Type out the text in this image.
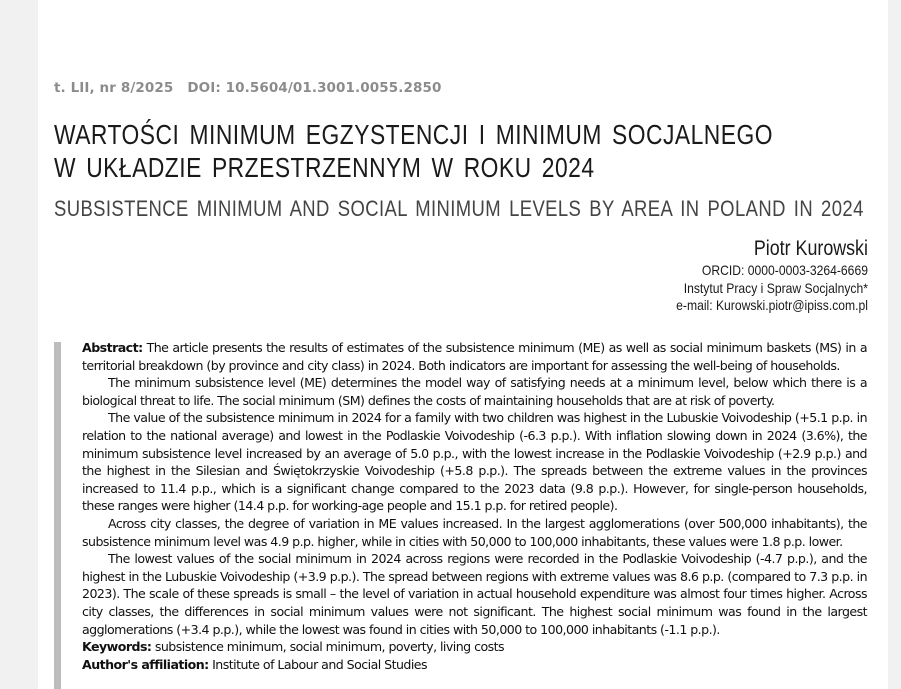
t. LII, nr 8/2025 DOI: 10.5604/01.3001.0055.2850
WARTOŚCI MINIMUM EGZYSTENCJI I MINIMUM SOCJALNEGO
W UKŁADZIE PRZESTRZENNYM W ROKU 2024
SUBSISTENCE MINIMUM AND SOCIAL MINIMUM LEVELS BY AREA IN POLAND IN 2024
Piotr Kurowski
ORCID: 0000-0003-3264-6669
Instytut Pracy i Spraw Socjalnych*
e-mail: Kurowski.piotr@ipiss.com.pl

Abstract: The article presents the results of estimates of the subsistence minimum (ME) as well as social minimum baskets (MS) in a territorial breakdown (by province and city class) in 2024. Both indicators are important for assessing the well-being of households.

The minimum subsistence level (ME) determines the model way of satisfying needs at a minimum level, below which there is a biological threat to life. The social minimum (SM) defines the costs of maintaining households that are at risk of poverty.

The value of the subsistence minimum in 2024 for a family with two children was highest in the Lubuskie Voivodeship (+5.1 p.p. in relation to the national average) and lowest in the Podlaskie Voivodeship (-6.3 p.p.). With inflation slowing down in 2024 (3.6%), the minimum subsistence level increased by an average of 5.0 p.p., with the lowest increase in the Podlaskie Voivodeship (+2.9 p.p.) and the highest in the Silesian and Świętokrzyskie Voivodeship (+5.8 p.p.). The spreads between the extreme values in the provinces increased to 11.4 p.p., which is a significant change compared to the 2023 data (9.8 p.p.). However, for single-person households, these ranges were higher (14.4 p.p. for working-age people and 15.1 p.p. for retired people).

Across city classes, the degree of variation in ME values increased. In the largest agglomerations (over 500,000 inhabitants), the subsistence minimum level was 4.9 p.p. higher, while in cities with 50,000 to 100,000 inhabitants, these values were 1.8 p.p. lower.

The lowest values of the social minimum in 2024 across regions were recorded in the Podlaskie Voivodeship (-4.7 p.p.), and the highest in the Lubuskie Voivodeship (+3.9 p.p.). The spread between regions with extreme values was 8.6 p.p. (compared to 7.3 p.p. in 2023). The scale of these spreads is small – the level of variation in actual household expenditure was almost four times higher. Across city classes, the differences in social minimum values were not significant. The highest social minimum was found in the largest agglomerations (+3.4 p.p.), while the lowest was found in cities with 50,000 to 100,000 inhabitants (-1.1 p.p.).

Keywords: subsistence minimum, social minimum, poverty, living costs

Author's affiliation: Institute of Labour and Social Studies
